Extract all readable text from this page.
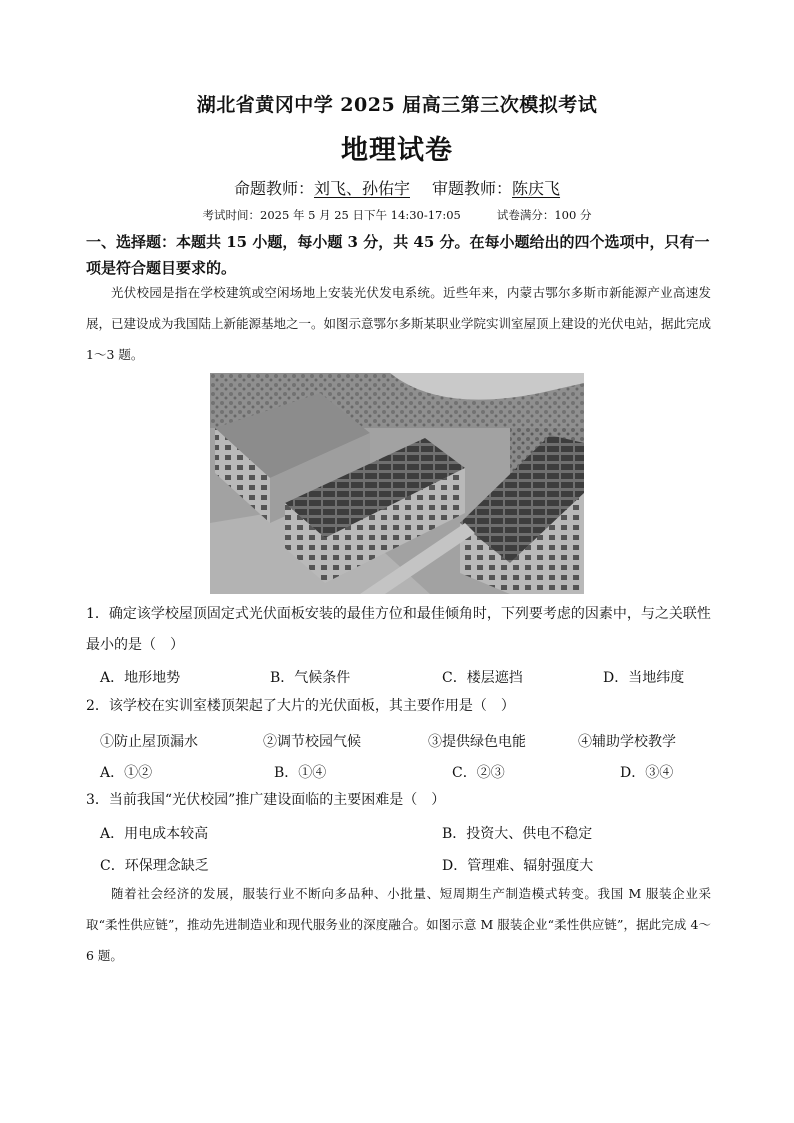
湖北省黄冈中学 2025 届高三第三次模拟考试
地理试卷
命题教师：刘飞、孙佑宇 审题教师：陈庆飞
考试时间：2025 年 5 月 25 日下午 14:30-17:05	试卷满分：100 分
一、选择题：本题共 15 小题，每小题 3 分，共 45 分。在每小题给出的四个选项中，只有一项是符合题目要求的。
光伏校园是指在学校建筑或空闲场地上安装光伏发电系统。近些年来，内蒙古鄂尔多斯市新能源产业高速发展，已建设成为我国陆上新能源基地之一。如图示意鄂尔多斯某职业学院实训室屋顶上建设的光伏电站，据此完成 1～3 题。
1．确定该学校屋顶固定式光伏面板安装的最佳方位和最佳倾角时，下列要考虑的因素中，与之关联性最小的是（　）
A．地形地势	B．气候条件	C．楼层遮挡	D．当地纬度
2．该学校在实训室楼顶架起了大片的光伏面板，其主要作用是（　）
①防止屋顶漏水	②调节校园气候	③提供绿色电能	④辅助学校教学
A．①②	B．①④	C．②③	D．③④
3．当前我国“光伏校园”推广建设面临的主要困难是（　）
A．用电成本较高	B．投资大、供电不稳定
C．环保理念缺乏	D．管理难、辐射强度大
随着社会经济的发展，服装行业不断向多品种、小批量、短周期生产制造模式转变。我国 M 服装企业采取“柔性供应链”，推动先进制造业和现代服务业的深度融合。如图示意 M 服装企业“柔性供应链”，据此完成 4～6 题。
